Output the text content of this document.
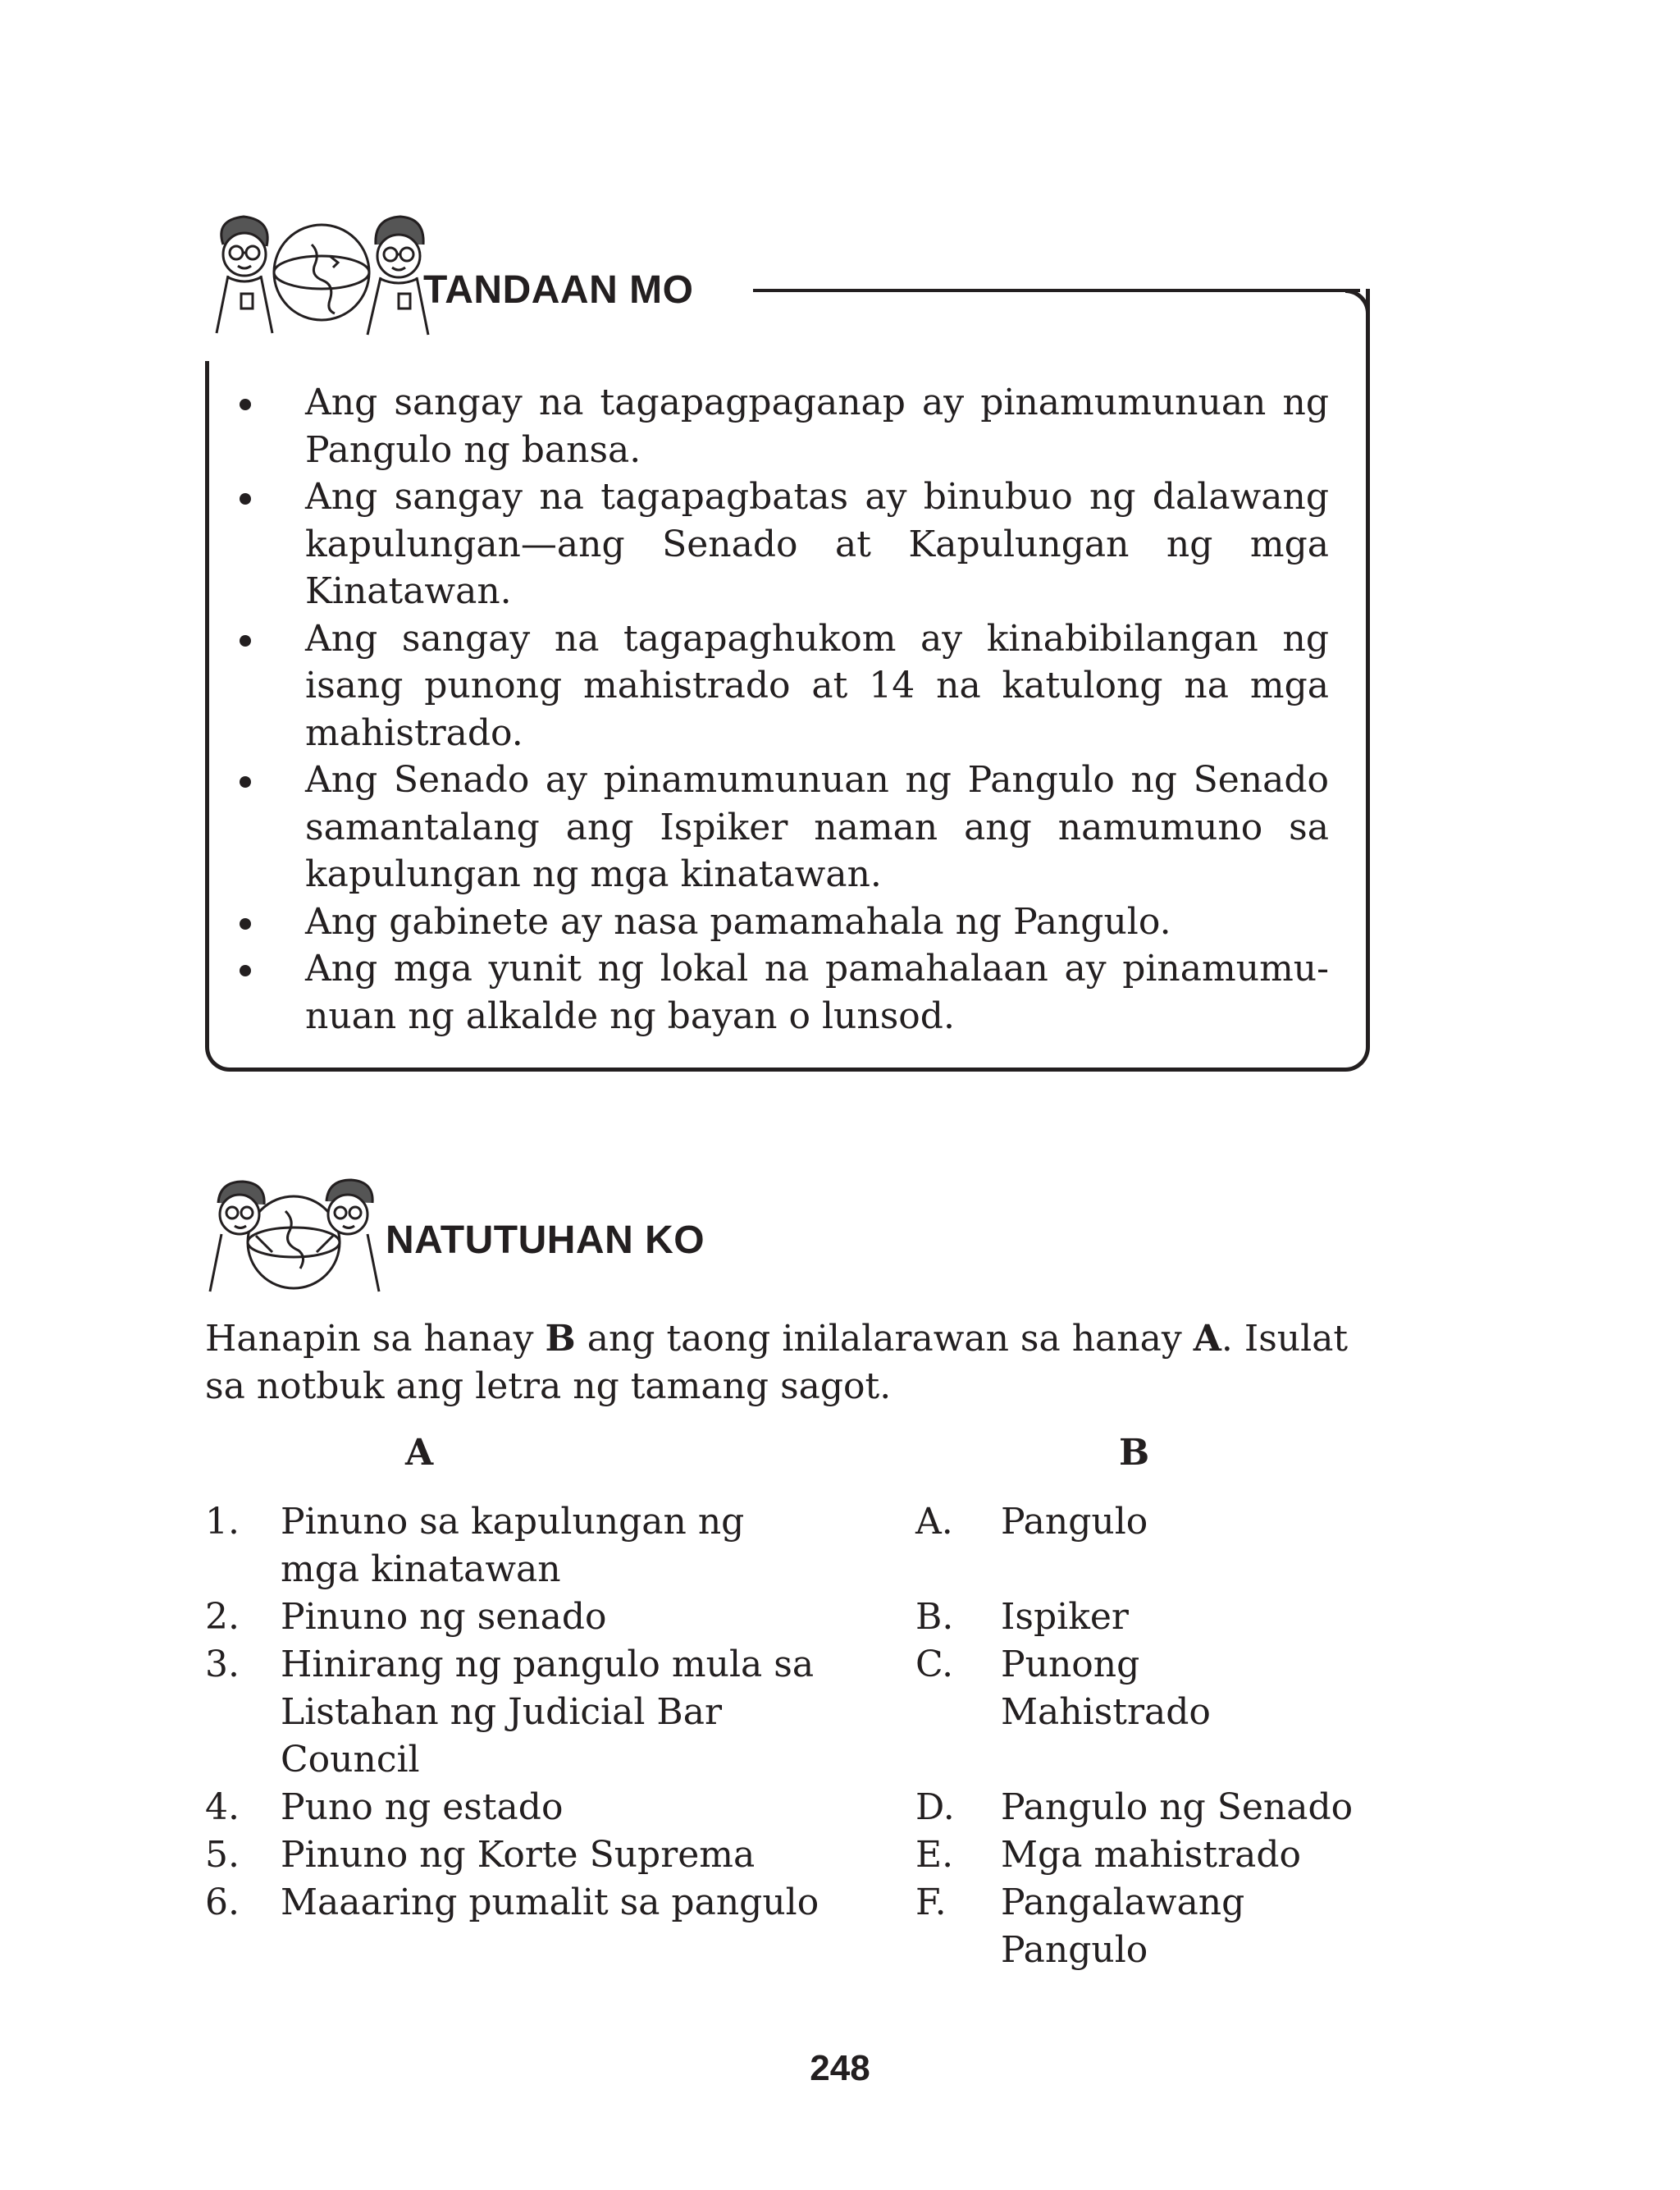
TANDAAN MO
Ang sangay na tagapagpaganap ay pinamumunuan ng Pangulo ng bansa.
Ang sangay na tagapagbatas ay binubuo ng dalawang kapulungan—ang Senado at Kapulungan ng mga Kinatawan.
Ang sangay na tagapaghukom ay kinabibilangan ng isang punong mahistrado at 14 na katulong na mga mahistrado.
Ang Senado ay pinamumunuan ng Pangulo ng Senado samantalang ang Ispiker naman ang namumuno sa kapulungan ng mga kinatawan.
Ang gabinete ay nasa pamamahala ng Pangulo.
Ang mga yunit ng lokal na pamahalaan ay pinamumu-nuan ng alkalde ng bayan o lunsod.
NATUTUHAN KO

Hanapin sa hanay B ang taong inilalarawan sa hanay A. Isulat sa notbuk ang letra ng tamang sagot.

A	B
1. Pinuno sa kapulungan ng
mga kinatawan
2. Pinuno ng senado
3. Hinirang ng pangulo mula sa
Listahan ng Judicial Bar
Council
4. Puno ng estado
5. Pinuno ng Korte Suprema
6. Maaaring pumalit sa pangulo
A. Pangulo
B. Ispiker
C. Punong
Mahistrado
D. Pangulo ng Senado
E. Mga mahistrado
F. Pangalawang
Pangulo
248
